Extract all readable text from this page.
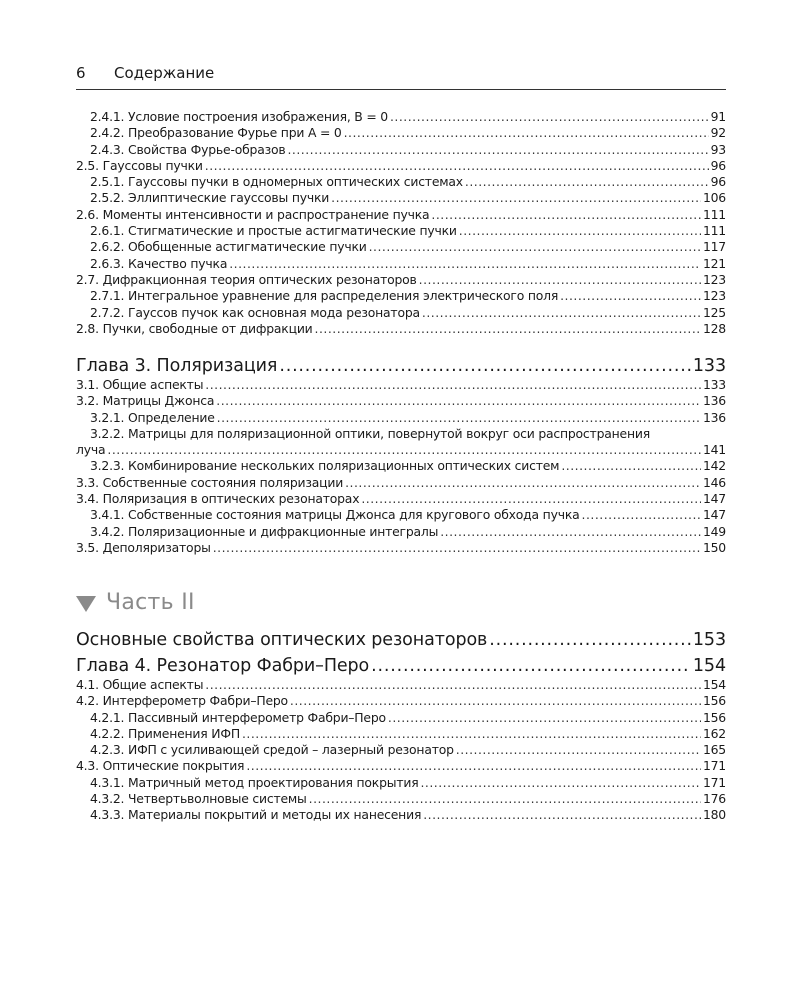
6	Содержание
2.4.1. Условие построения изображения, B = 0 .....	91
2.4.2. Преобразование Фурье при A = 0 .....	92
2.4.3. Свойства Фурье-образов .....	93
2.5. Гауссовы пучки .....	96
2.5.1. Гауссовы пучки в одномерных оптических системах .....	96
2.5.2. Эллиптические гауссовы пучки .....	106
2.6. Моменты интенсивности и распространение пучка .....	111
2.6.1. Стигматические и простые астигматические пучки .....	111
2.6.2. Обобщенные астигматические пучки .....	117
2.6.3. Качество пучка .....	121
2.7. Дифракционная теория оптических резонаторов .....	123
2.7.1. Интегральное уравнение для распределения электрического поля .....	123
2.7.2. Гауссов пучок как основная мода резонатора .....	125
2.8. Пучки, свободные от дифракции .....	128
Глава 3. Поляризация .....	133
3.1. Общие аспекты .....	133
3.2. Матрицы Джонса .....	136
3.2.1. Определение .....	136
3.2.2. Матрицы для поляризационной оптики, повернутой вокруг оси распространения
луча .....	141
3.2.3. Комбинирование нескольких поляризационных оптических систем .....	142
3.3. Собственные состояния поляризации .....	146
3.4. Поляризация в оптических резонаторах .....	147
3.4.1. Собственные состояния матрицы Джонса для кругового обхода пучка .....	147
3.4.2. Поляризационные и дифракционные интегралы .....	149
3.5. Деполяризаторы .....	150
Часть II
Основные свойства оптических резонаторов .....	153
Глава 4. Резонатор Фабри–Перо .....	154
4.1. Общие аспекты .....	154
4.2. Интерферометр Фабри–Перо .....	156
4.2.1. Пассивный интерферометр Фабри–Перо .....	156
4.2.2. Применения ИФП .....	162
4.2.3. ИФП с усиливающей средой – лазерный резонатор .....	165
4.3. Оптические покрытия .....	171
4.3.1. Матричный метод проектирования покрытия .....	171
4.3.2. Четвертьволновые системы .....	176
4.3.3. Материалы покрытий и методы их нанесения .....	180
